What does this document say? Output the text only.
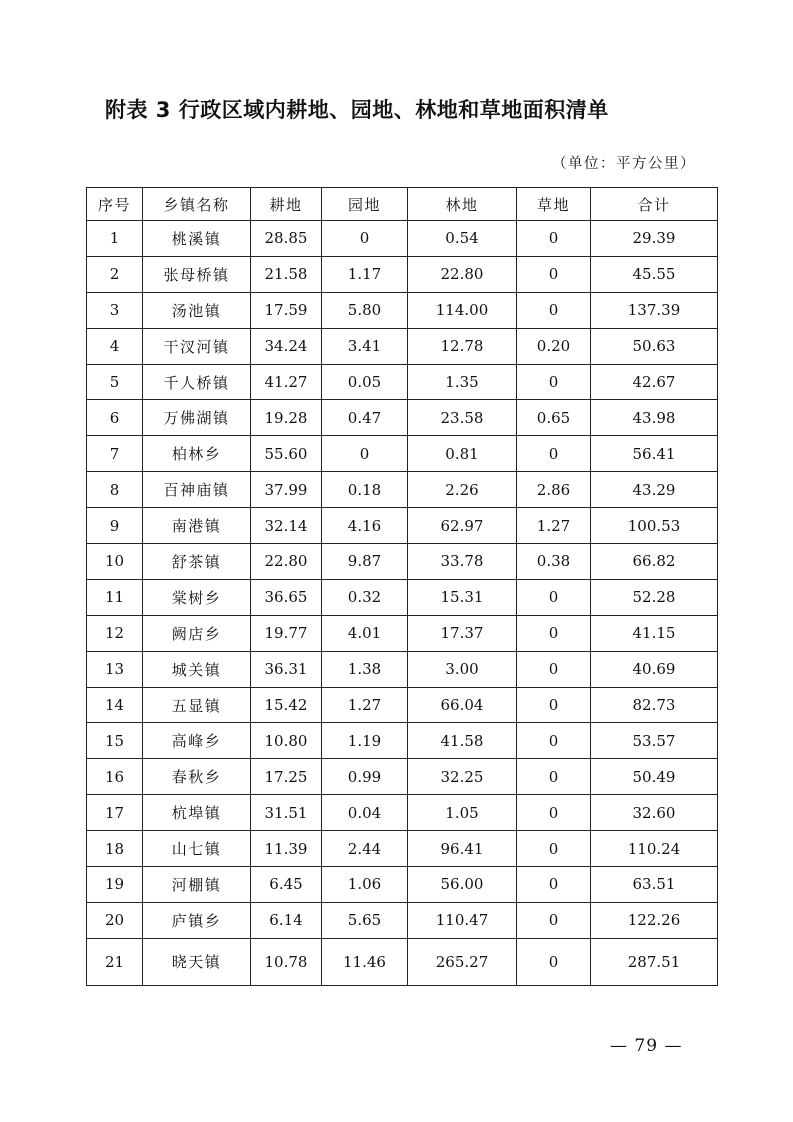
附表 3 行政区域内耕地、园地、林地和草地面积清单
（单位：平方公里）
序号	乡镇名称	耕地	园地	林地	草地	合计
1	桃溪镇	28.85	0	0.54	0	29.39
2	张母桥镇	21.58	1.17	22.80	0	45.55
3	汤池镇	17.59	5.80	114.00	0	137.39
4	干汊河镇	34.24	3.41	12.78	0.20	50.63
5	千人桥镇	41.27	0.05	1.35	0	42.67
6	万佛湖镇	19.28	0.47	23.58	0.65	43.98
7	柏林乡	55.60	0	0.81	0	56.41
8	百神庙镇	37.99	0.18	2.26	2.86	43.29
9	南港镇	32.14	4.16	62.97	1.27	100.53
10	舒茶镇	22.80	9.87	33.78	0.38	66.82
11	棠树乡	36.65	0.32	15.31	0	52.28
12	阙店乡	19.77	4.01	17.37	0	41.15
13	城关镇	36.31	1.38	3.00	0	40.69
14	五显镇	15.42	1.27	66.04	0	82.73
15	高峰乡	10.80	1.19	41.58	0	53.57
16	春秋乡	17.25	0.99	32.25	0	50.49
17	杭埠镇	31.51	0.04	1.05	0	32.60
18	山七镇	11.39	2.44	96.41	0	110.24
19	河棚镇	6.45	1.06	56.00	0	63.51
20	庐镇乡	6.14	5.65	110.47	0	122.26
21	晓天镇	10.78	11.46	265.27	0	287.51
— 79 —
